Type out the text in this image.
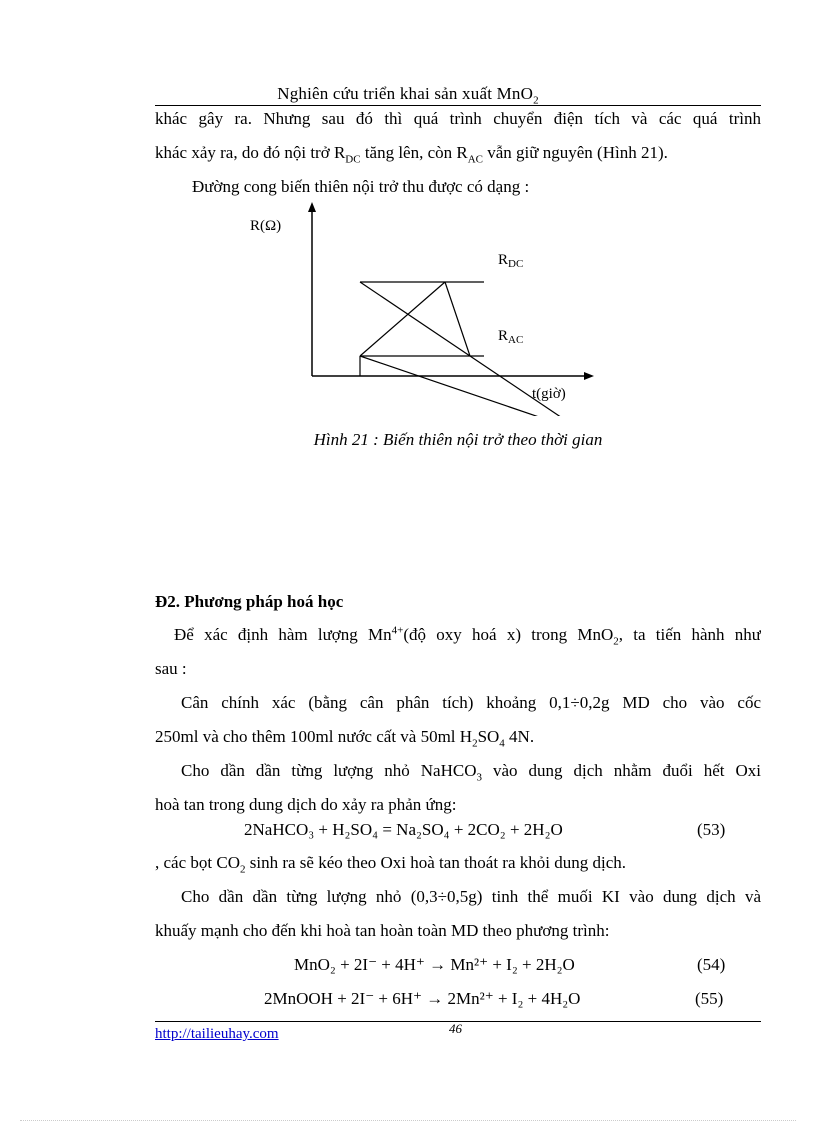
Nghiên cứu triển khai sản xuất MnO$_2$
khác gây ra. Nhưng sau đó thì quá trình chuyển điện tích và các quá trình
khác xảy ra, do đó nội trở $R_{DC}$ tăng lên, còn $R_{AC}$ vẫn giữ nguyên (Hình 21).
Đường cong biến thiên nội trở thu được có dạng :
R(Ω)
t(giờ)
$R_{DC}$
$R_{AC}$
Hình 21 : Biến thiên nội trở theo thời gian
Đ2. Phương pháp hoá học
Để xác định hàm lượng $Mn^{4+}(độ$ oxy hoá x) trong MnO$_2$, ta tiến hành như
sau :
Cân chính xác (bằng cân phân tích) khoảng 0,1÷0,2g MD cho vào cốc
250ml và cho thêm 100ml nước cất và 50ml $H_2SO_4$ 4N.
Cho dần dần từng lượng nhỏ NaHCO$_3$ vào dung dịch nhằm đuổi hết Oxi
hoà tan trong dung dịch do xảy ra phản ứng:
2NaHCO₃ + H₂SO₄ = Na₂SO₄ + 2CO₂ + 2H₂O	(53)
, các bọt $CO_2$ sinh ra sẽ kéo theo Oxi hoà tan thoát ra khỏi dung dịch.
Cho dần dần từng lượng nhỏ (0,3÷0,5g) tinh thể muối KI vào dung dịch và
khuấy mạnh cho đến khi hoà tan hoàn toàn MD theo phương trình:
MnO₂ + 2I⁻ + 4H⁺ → Mn²⁺ + I₂ + 2H₂O	(54)
2MnOOH + 2I⁻ + 6H⁺ → 2Mn²⁺ + I₂ + 4H₂O	(55)
46
http://tailieuhay.com
